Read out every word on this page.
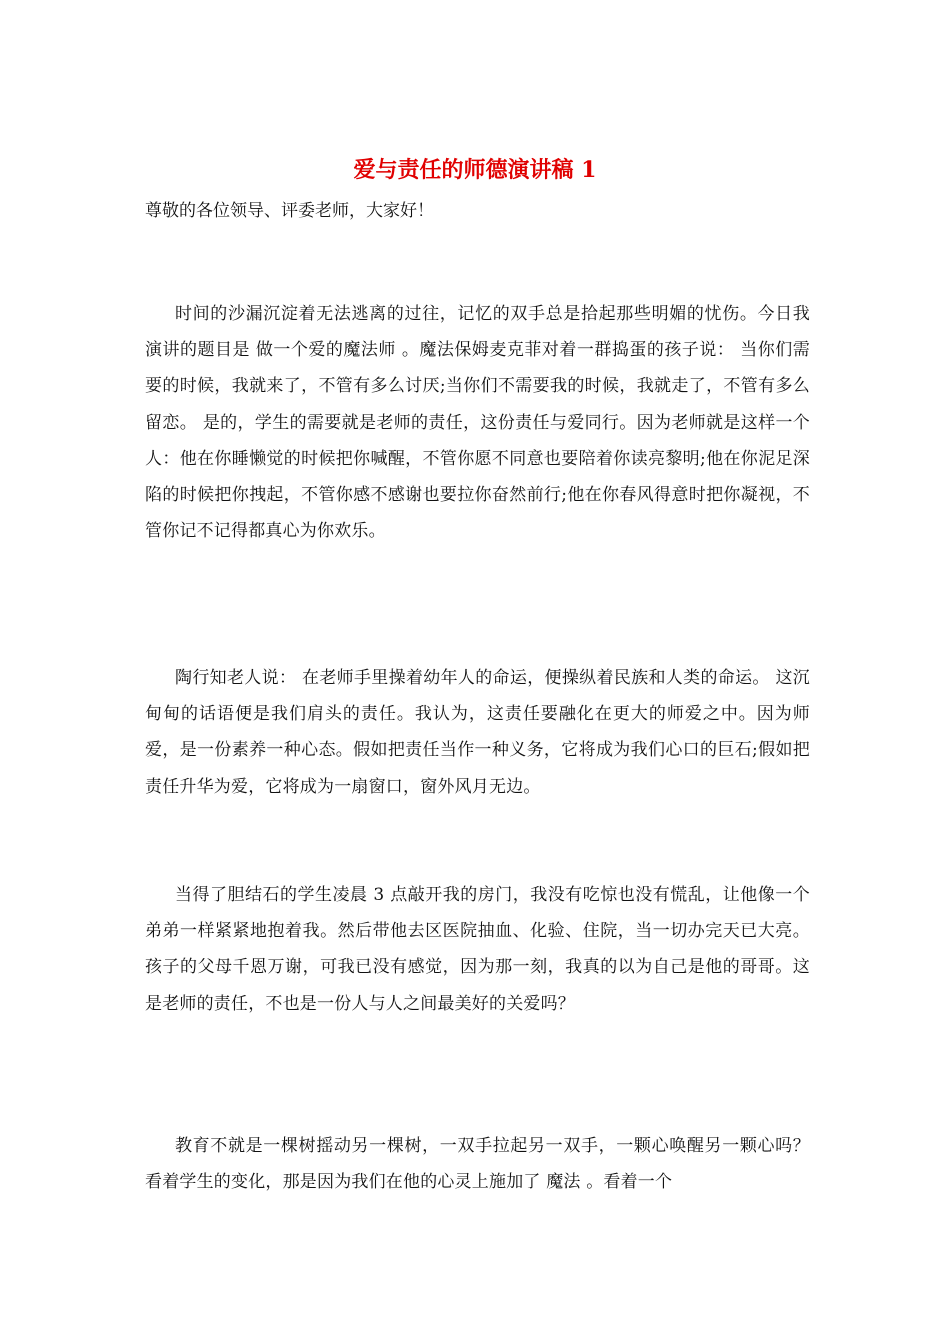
爱与责任的师德演讲稿 1

尊敬的各位领导、评委老师，大家好！

时间的沙漏沉淀着无法逃离的过往，记忆的双手总是拾起那些明媚的忧伤。今日我演讲的题目是 做一个爱的魔法师 。魔法保姆麦克菲对着一群捣蛋的孩子说： 当你们需要的时候，我就来了，不管有多么讨厌;当你们不需要我的时候，我就走了，不管有多么留恋。 是的，学生的需要就是老师的责任，这份责任与爱同行。因为老师就是这样一个人：他在你睡懒觉的时候把你喊醒，不管你愿不同意也要陪着你读亮黎明;他在你泥足深陷的时候把你拽起，不管你感不感谢也要拉你奋然前行;他在你春风得意时把你凝视，不管你记不记得都真心为你欢乐。

陶行知老人说： 在老师手里操着幼年人的命运，便操纵着民族和人类的命运。 这沉甸甸的话语便是我们肩头的责任。我认为，这责任要融化在更大的师爱之中。因为师爱，是一份素养一种心态。假如把责任当作一种义务，它将成为我们心口的巨石;假如把责任升华为爱，它将成为一扇窗口，窗外风月无边。

当得了胆结石的学生凌晨 3 点敲开我的房门，我没有吃惊也没有慌乱，让他像一个弟弟一样紧紧地抱着我。然后带他去区医院抽血、化验、住院，当一切办完天已大亮。孩子的父母千恩万谢，可我已没有感觉，因为那一刻，我真的以为自己是他的哥哥。这是老师的责任，不也是一份人与人之间最美好的关爱吗？

教育不就是一棵树摇动另一棵树，一双手拉起另一双手，一颗心唤醒另一颗心吗？看着学生的变化，那是因为我们在他的心灵上施加了 魔法 。看着一个
